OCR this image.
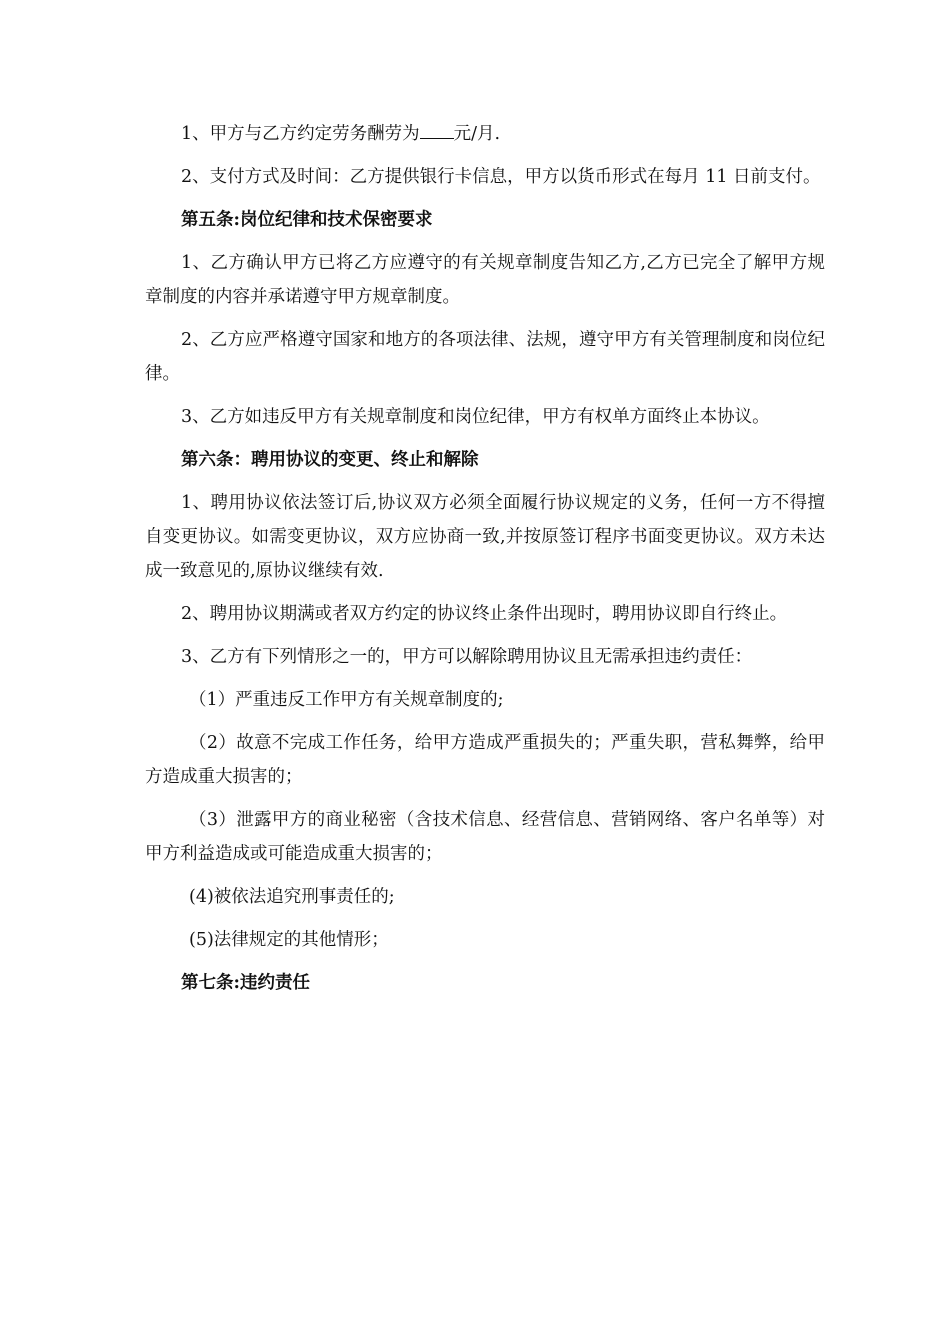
1、甲方与乙方约定劳务酬劳为 元/月.

2、支付方式及时间：乙方提供银行卡信息，甲方以货币形式在每月 11 日前支付。

第五条:岗位纪律和技术保密要求

1、乙方确认甲方已将乙方应遵守的有关规章制度告知乙方,乙方已完全了解甲方规章制度的内容并承诺遵守甲方规章制度。

2、乙方应严格遵守国家和地方的各项法律、法规，遵守甲方有关管理制度和岗位纪律。

3、乙方如违反甲方有关规章制度和岗位纪律，甲方有权单方面终止本协议。

第六条：聘用协议的变更、终止和解除

1、聘用协议依法签订后,协议双方必须全面履行协议规定的义务，任何一方不得擅自变更协议。如需变更协议，双方应协商一致,并按原签订程序书面变更协议。双方未达成一致意见的,原协议继续有效.

2、聘用协议期满或者双方约定的协议终止条件出现时，聘用协议即自行终止。

3、乙方有下列情形之一的，甲方可以解除聘用协议且无需承担违约责任：

（1）严重违反工作甲方有关规章制度的;

（2）故意不完成工作任务，给甲方造成严重损失的；严重失职，营私舞弊，给甲方造成重大损害的；

（3）泄露甲方的商业秘密（含技术信息、经营信息、营销网络、客户名单等）对甲方利益造成或可能造成重大损害的；

(4)被依法追究刑事责任的;

(5)法律规定的其他情形；

第七条:违约责任
